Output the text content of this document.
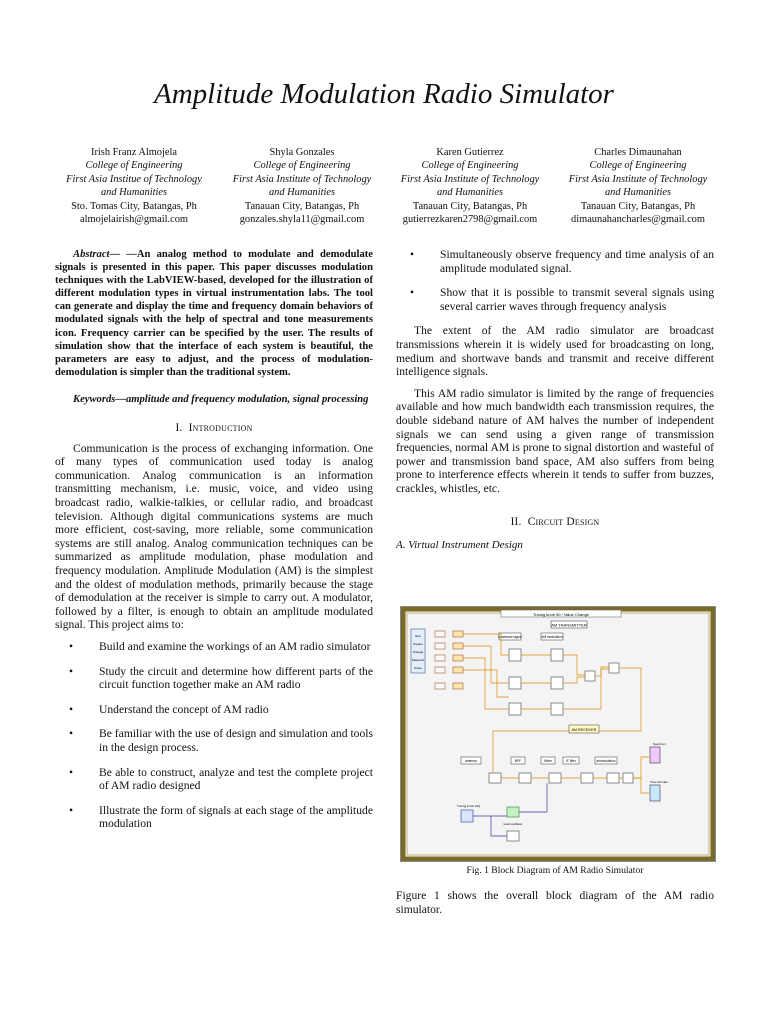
Amplitude Modulation Radio Simulator
Irish Franz Almojela
College of Engineering
First Asia Institue of Technology
and Humanities
Sto. Tomas City, Batangas, Ph
almojelairish@gmail.com
Shyla Gonzales
College of Engineering
First Asia Institute of Technology
and Humanities
Tanauan City, Batangas, Ph
gonzales.shyla11@gmail.com
Karen Gutierrez
College of Engineering
First Asia Institute of Technology
and Humanities
Tanauan City, Batangas, Ph
gutierrezkaren2798@gmail.com
Charles Dimaunahan
College of Engineering
First Asia Institute of Technology
and Humanities
Tanauan City, Batangas, Ph
dimaunahancharles@gmail.com

Abstract— —An analog method to modulate and demodulate signals is presented in this paper. This paper discusses modulation techniques with the LabVIEW-based, developed for the illustration of different modulation types in virtual instrumentation labs. The tool can generate and display the time and frequency domain behaviors of modulated signals with the help of spectral and tone measurements icon. Frequency carrier can be specified by the user. The results of simulation show that the interface of each system is beautiful, the parameters are easy to adjust, and the process of modulation-demodulation is simpler than the traditional system.

Keywords—amplitude and frequency modulation, signal processing

I. Introduction

Communication is the process of exchanging information. One of many types of communication used today is analog communication. Analog communication is an information transmitting mechanism, i.e. music, voice, and video using broadcast radio, walkie-talkies, or cellular radio, and broadcast television. Although digital communications systems are much more efficient, cost-saving, more reliable, some communication systems are still analog. Analog communication techniques can be summarized as amplitude modulation, phase modulation and frequency modulation. Amplitude Modulation (AM) is the simplest and the oldest of modulation methods, primarily because the stage of demodulation at the receiver is simple to carry out. A modulator, followed by a filter, is enough to obtain an amplitude modulated signal. This project aims to:

• Build and examine the workings of an AM radio simulator
• Study the circuit and determine how different parts of the circuit function together make an AM radio
• Understand the concept of AM radio
• Be familiar with the use of design and simulation and tools in the design process.
• Be able to construct, analyze and test the complete project of AM radio designed
• Illustrate the form of signals at each stage of the amplitude modulation
• Simultaneously observe frequency and time analysis of an amplitude modulated signal.
• Show that it is possible to transmit several signals using several carrier waves through frequency analysis

The extent of the AM radio simulator are broadcast transmissions wherein it is widely used for broadcasting on long, medium and shortwave bands and transmit and receive different intelligence signals.

This AM radio simulator is limited by the range of frequencies available and how much bandwidth each transmission requires, the double sideband nature of AM halves the number of independent signals we can send using a given range of transmission frequencies, normal AM is prone to signal distortion and wasteful of power and transmission band space, AM also suffers from being prone to interference effects wherein it tends to suffer from buzzes, crackles, whistles, etc.

II. Circuit Design
A. Virtual Instrument Design
Tuning knob 90 / Value Change
AM TRANSMITTER
Sine
Square
Triangle
Sawtooth
Noise
baseband signal	AM modulation
AM RECEIVER
antenna	BPF	Mixer	IF filter	demodulation
Spectrum
Time Domain
Tuning Knob [Hz]
local oscillator
Fig. 1 Block Diagram of AM Radio Simulator

Figure 1 shows the overall block diagram of the AM radio simulator.
